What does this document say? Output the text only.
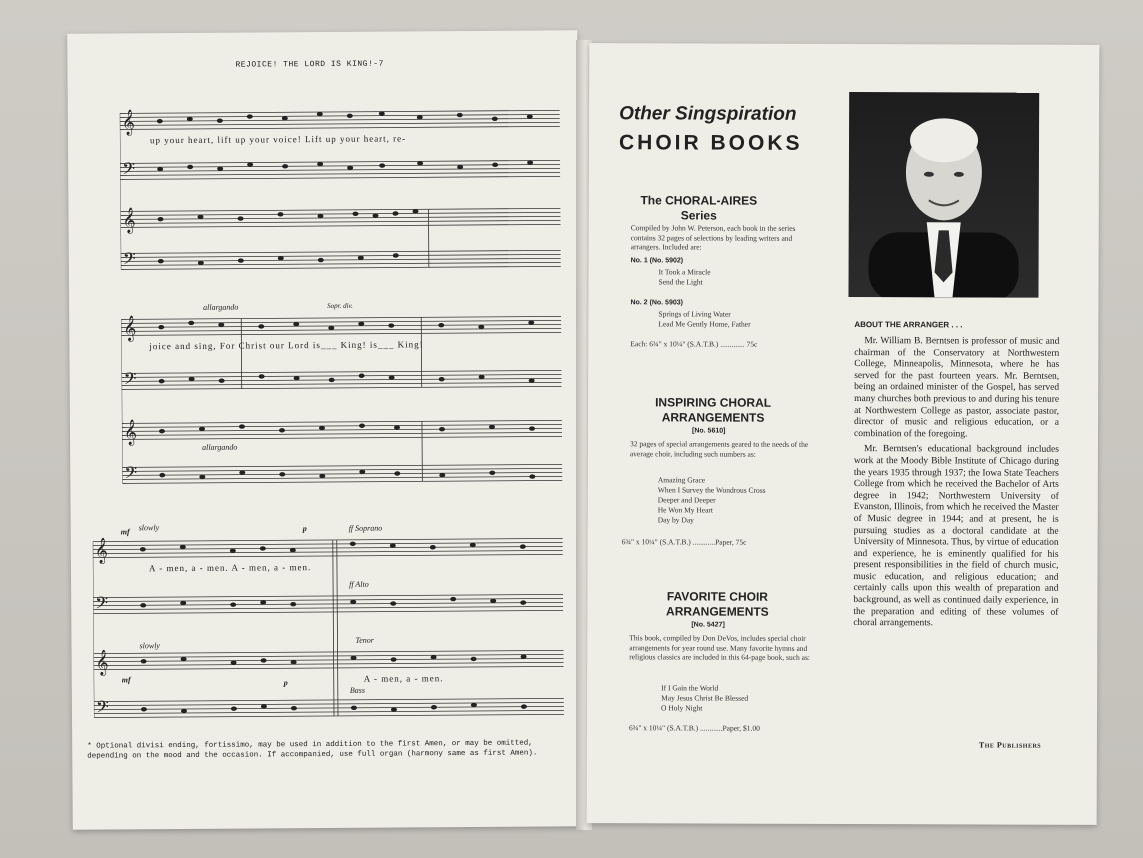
REJOICE! THE LORD IS KING!-7
𝄞
𝄢
𝄞
𝄢
up your heart, lift up your voice! Lift up your heart, re-
𝄞
𝄢
𝄞
𝄢
allargando	Sopr. div.
joice and sing, For Christ our Lord is___ King! is___ King!
allargando
𝄞
𝄢
𝄞
𝄢
slowly
mf	p	ff Soprano
A - men, a - men. A - men, a - men.
ff Alto
Tenor
slowly
mf	A - men, a - men.
Bass
p
* Optional divisi ending, fortissimo, may be used in addition to the first Amen, or may be omitted, depending on the mood and the occasion. If accompanied, use full organ (harmony same as first Amen).
Other Singspiration
CHOIR BOOKS
The CHORAL-AIRES Series
Compiled by John W. Peterson, each book in the series contains 32 pages of selections by leading writers and arrangers. Included are:
No. 1 (No. 5902)
It Took a Miracle
Send the Light
No. 2 (No. 5903)
Springs of Living Water
Lead Me Gently Home, Father
Each: 6¾" x 10¼" (S.A.T.B.) ............. 75c
INSPIRING CHORAL ARRANGEMENTS
[No. 5610]
32 pages of special arrangements geared to the needs of the average choir, including such numbers as:
Amazing Grace
When I Survey the Wondrous Cross
Deeper and Deeper
He Won My Heart
Day by Day
6¾" x 10¼" (S.A.T.B.) ............Paper, 75c
FAVORITE CHOIR ARRANGEMENTS
[No. 5427]
This book, compiled by Don DeVos, includes special choir arrangements for year round use. Many favorite hymns and religious classics are included in this 64-page book, such as:
If I Gain the World
May Jesus Christ Be Blessed
O Holy Night
6¾" x 10¼" (S.A.T.B.) ............Paper, $1.00
ABOUT THE ARRANGER . . .

Mr. William B. Berntsen is professor of music and chairman of the Conservatory at Northwestern College, Minneapolis, Minnesota, where he has served for the past fourteen years. Mr. Berntsen, being an ordained minister of the Gospel, has served many churches both previous to and during his tenure at Northwestern College as pastor, associate pastor, director of music and religious education, or a combination of the foregoing.

Mr. Berntsen's educational background includes work at the Moody Bible Institute of Chicago during the years 1935 through 1937; the Iowa State Teachers College from which he received the Bachelor of Arts degree in 1942; Northwestern University of Evanston, Illinois, from which he received the Master of Music degree in 1944; and at present, he is pursuing studies as a doctoral candidate at the University of Minnesota. Thus, by virtue of education and experience, he is eminently qualified for his present responsibilities in the field of church music, music education, and religious education; and certainly calls upon this wealth of preparation and background, as well as continued daily experience, in the preparation and editing of these volumes of choral arrangements.

The Publishers
